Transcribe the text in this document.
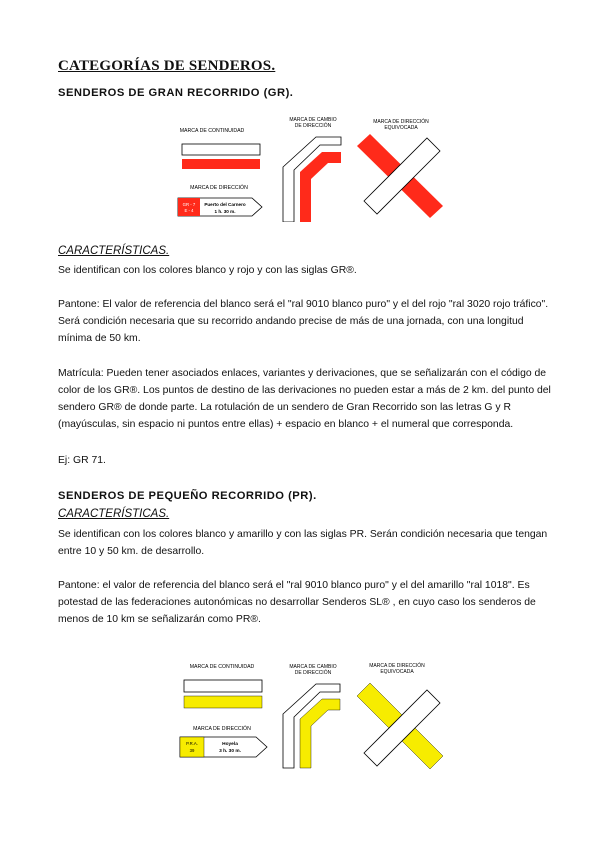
CATEGORÍAS DE SENDEROS.
SENDEROS DE GRAN RECORRIDO (GR).
MARCA DE CONTINUIDAD
MARCA DE CAMBIO
DE DIRECCIÓN
MARCA DE DIRECCIÓN
EQUIVOCADA
MARCA DE DIRECCIÓN
GR - 7
E - 4
Puerto del Carnero
1 h. 30 m.
CARACTERÍSTICAS.
Se identifican con los colores blanco y rojo y con las siglas GR®.
Pantone: El valor de referencia del blanco será el "ral 9010 blanco puro" y el del rojo "ral 3020 rojo tráfico". Será condición necesaria que su recorrido andando precise de más de una jornada, con una longitud mínima de 50 km.
Matrícula: Pueden tener asociados enlaces, variantes y derivaciones, que se señalizarán con el código de color de los GR®. Los puntos de destino de las derivaciones no pueden estar a más de 2 km. del punto del sendero GR® de donde parte. La rotulación de un sendero de Gran Recorrido son las letras G y R (mayúsculas, sin espacio ni puntos entre ellas) + espacio en blanco + el numeral que corresponda.
Ej: GR 71.
SENDEROS DE PEQUEÑO RECORRIDO (PR).
CARACTERÍSTICAS.
Se identifican con los colores blanco y amarillo y con las siglas PR. Serán condición necesaria que tengan entre 10 y 50 km. de desarrollo.
Pantone: el valor de referencia del blanco será el "ral 9010 blanco puro" y el del amarillo "ral 1018". Es potestad de las federaciones autonómicas no desarrollar Senderos SL® , en cuyo caso los senderos de menos de 10 km se señalizarán como PR®.
MARCA DE CONTINUIDAD	MARCA DE CAMBIO
DE DIRECCIÓN
MARCA DE DIRECCIÓN
EQUIVOCADA
MARCA DE DIRECCIÓN
P.R.A.
39
Hoyela
3 h. 30 m.
